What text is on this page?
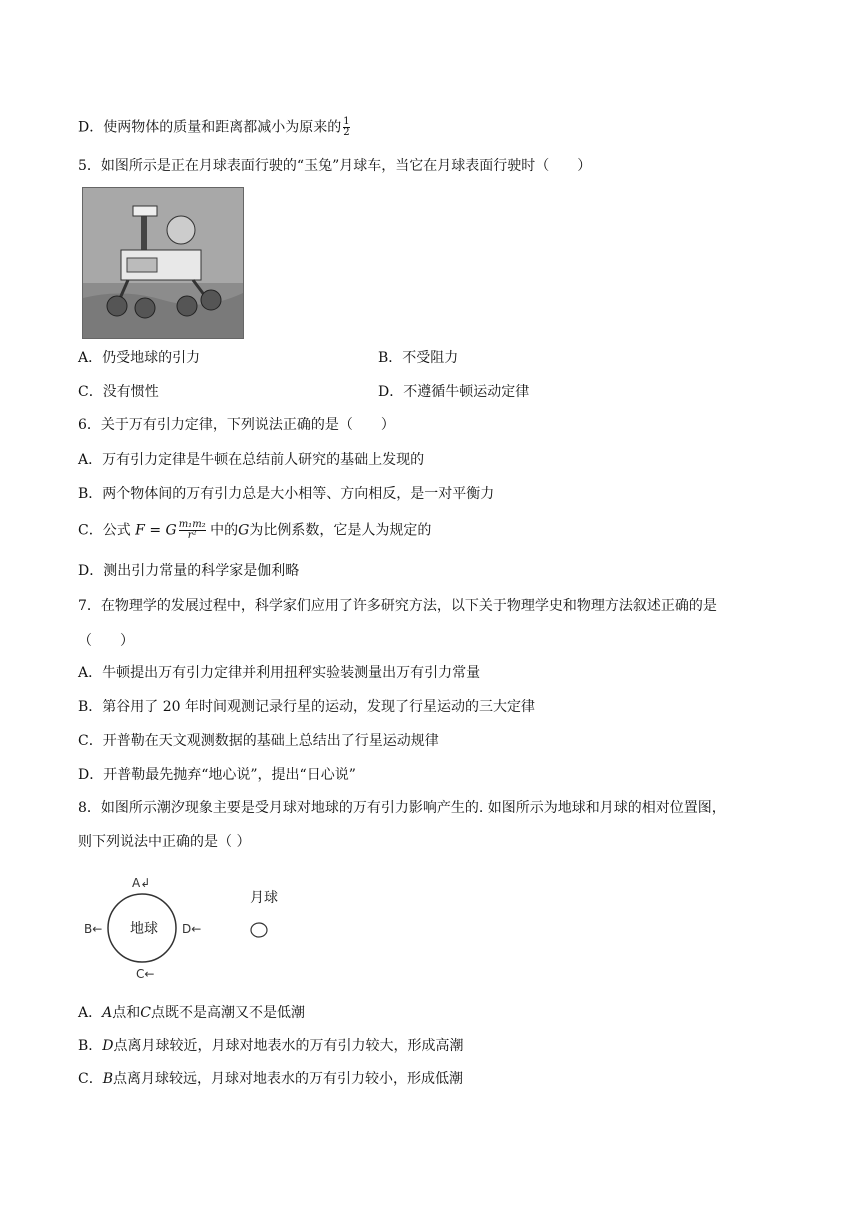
D．使两物体的质量和距离都减小为原来的 $\frac{1}{2}$
5．如图所示是正在月球表面行驶的“玉兔”月球车，当它在月球表面行驶时（　　）
A．仍受地球的引力	B．不受阻力
C．没有惯性	D．不遵循牛顿运动定律
6．关于万有引力定律，下列说法正确的是（　　）
A．万有引力定律是牛顿在总结前人研究的基础上发现的
B．两个物体间的万有引力总是大小相等、方向相反，是一对平衡力
C．公式 F = G $\frac{\text{m₁m₂}}{\text{r²}}$ 中的G为比例系数，它是人为规定的
D．测出引力常量的科学家是伽利略
7．在物理学的发展过程中，科学家们应用了许多研究方法，以下关于物理学史和物理方法叙述正确的是
（　　）
A．牛顿提出万有引力定律并利用扭秤实验装测量出万有引力常量
B．第谷用了 20 年时间观测记录行星的运动，发现了行星运动的三大定律
C．开普勒在天文观测数据的基础上总结出了行星运动规律
D．开普勒最先抛弃“地心说”，提出“日心说”
8．如图所示潮汐现象主要是受月球对地球的万有引力影响产生的. 如图所示为地球和月球的相对位置图，
则下列说法中正确的是（ ）
地球
A↲
B←	D←
C←
月球
A．A点和C点既不是高潮又不是低潮
B．D点离月球较近，月球对地表水的万有引力较大，形成高潮
C．B点离月球较远，月球对地表水的万有引力较小，形成低潮
